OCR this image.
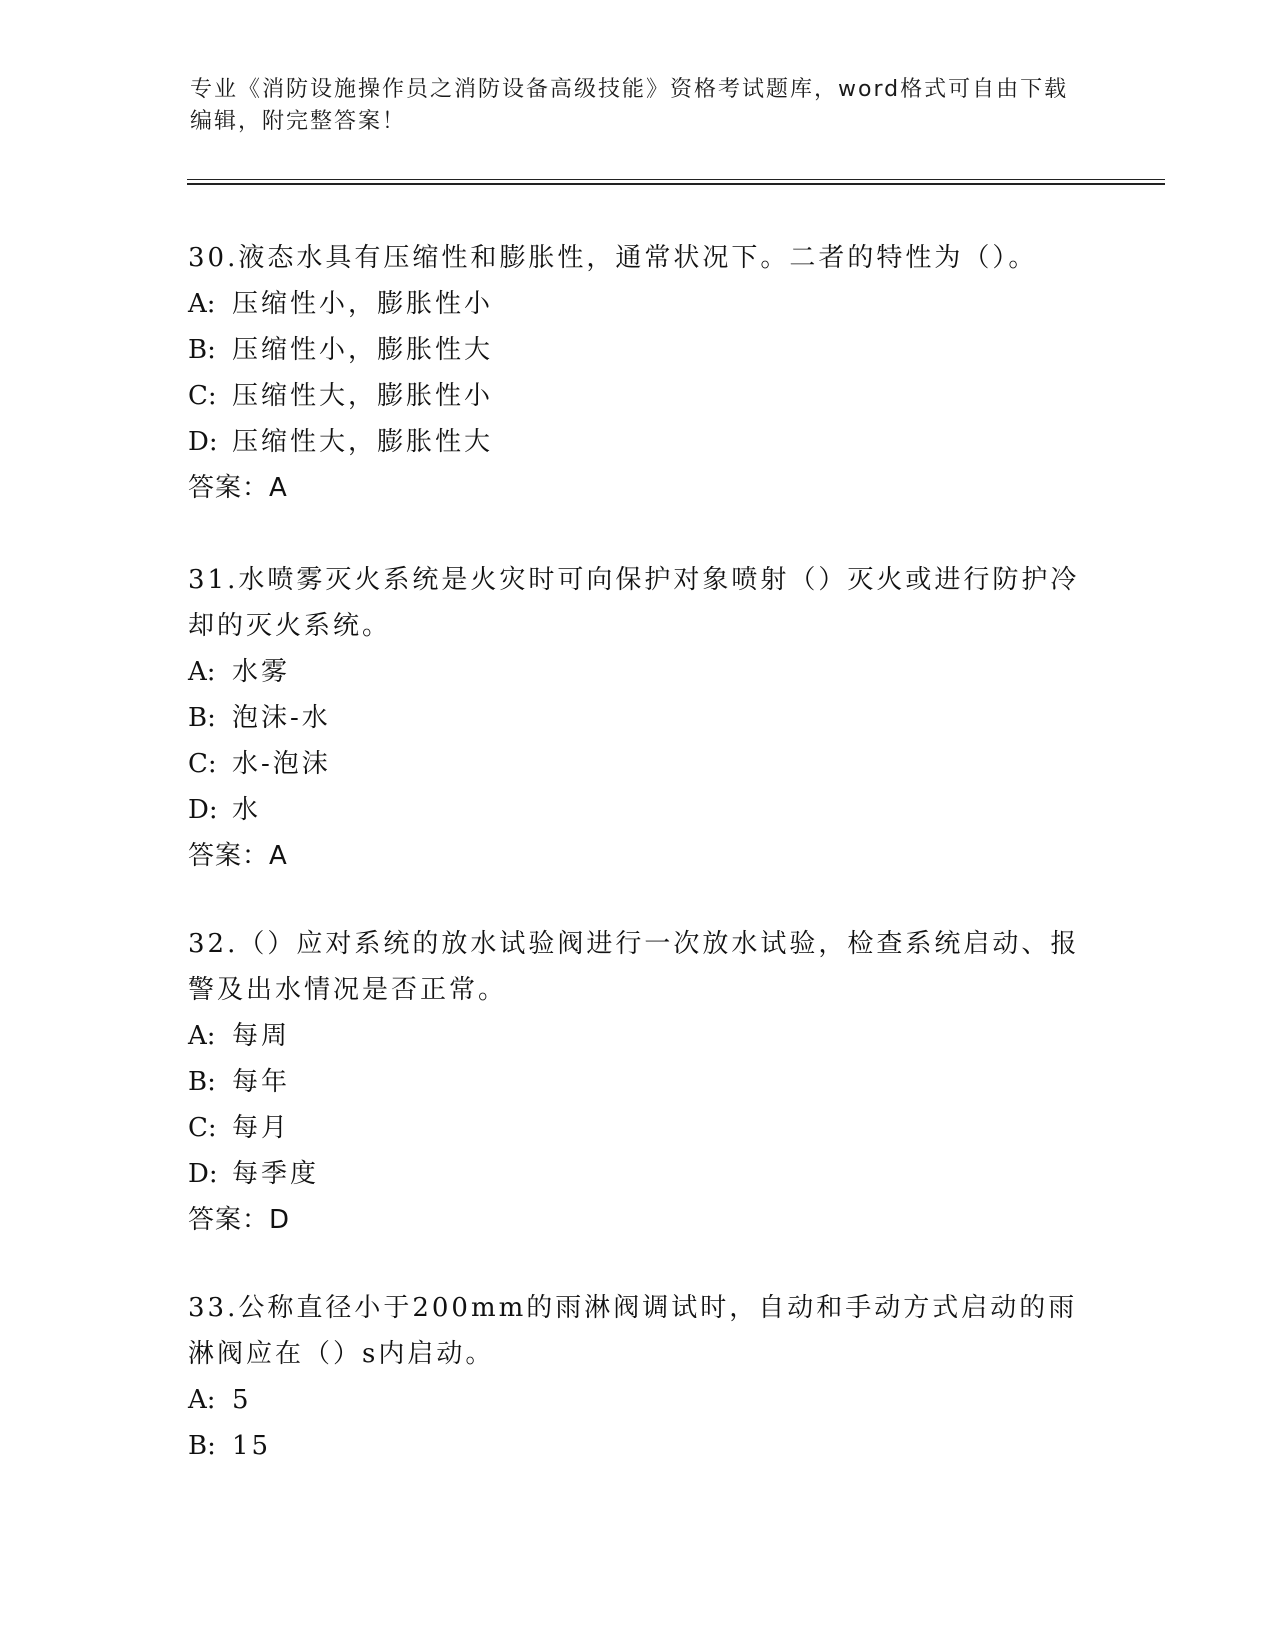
专业《消防设施操作员之消防设备高级技能》资格考试题库，word格式可自由下载编辑，附完整答案！

30.液态水具有压缩性和膨胀性，通常状况下。二者的特性为（）。

A: 压缩性小，膨胀性小

B: 压缩性小，膨胀性大

C: 压缩性大，膨胀性小

D: 压缩性大，膨胀性大

答案：A

31.水喷雾灭火系统是火灾时可向保护对象喷射（）灭火或进行防护冷却的灭火系统。

A: 水雾

B: 泡沫-水

C: 水-泡沫

D: 水

答案：A

32.（）应对系统的放水试验阀进行一次放水试验，检查系统启动、报警及出水情况是否正常。

A: 每周

B: 每年

C: 每月

D: 每季度

答案：D

33.公称直径小于200mm的雨淋阀调试时，自动和手动方式启动的雨淋阀应在（）s内启动。

A: 5

B: 15
